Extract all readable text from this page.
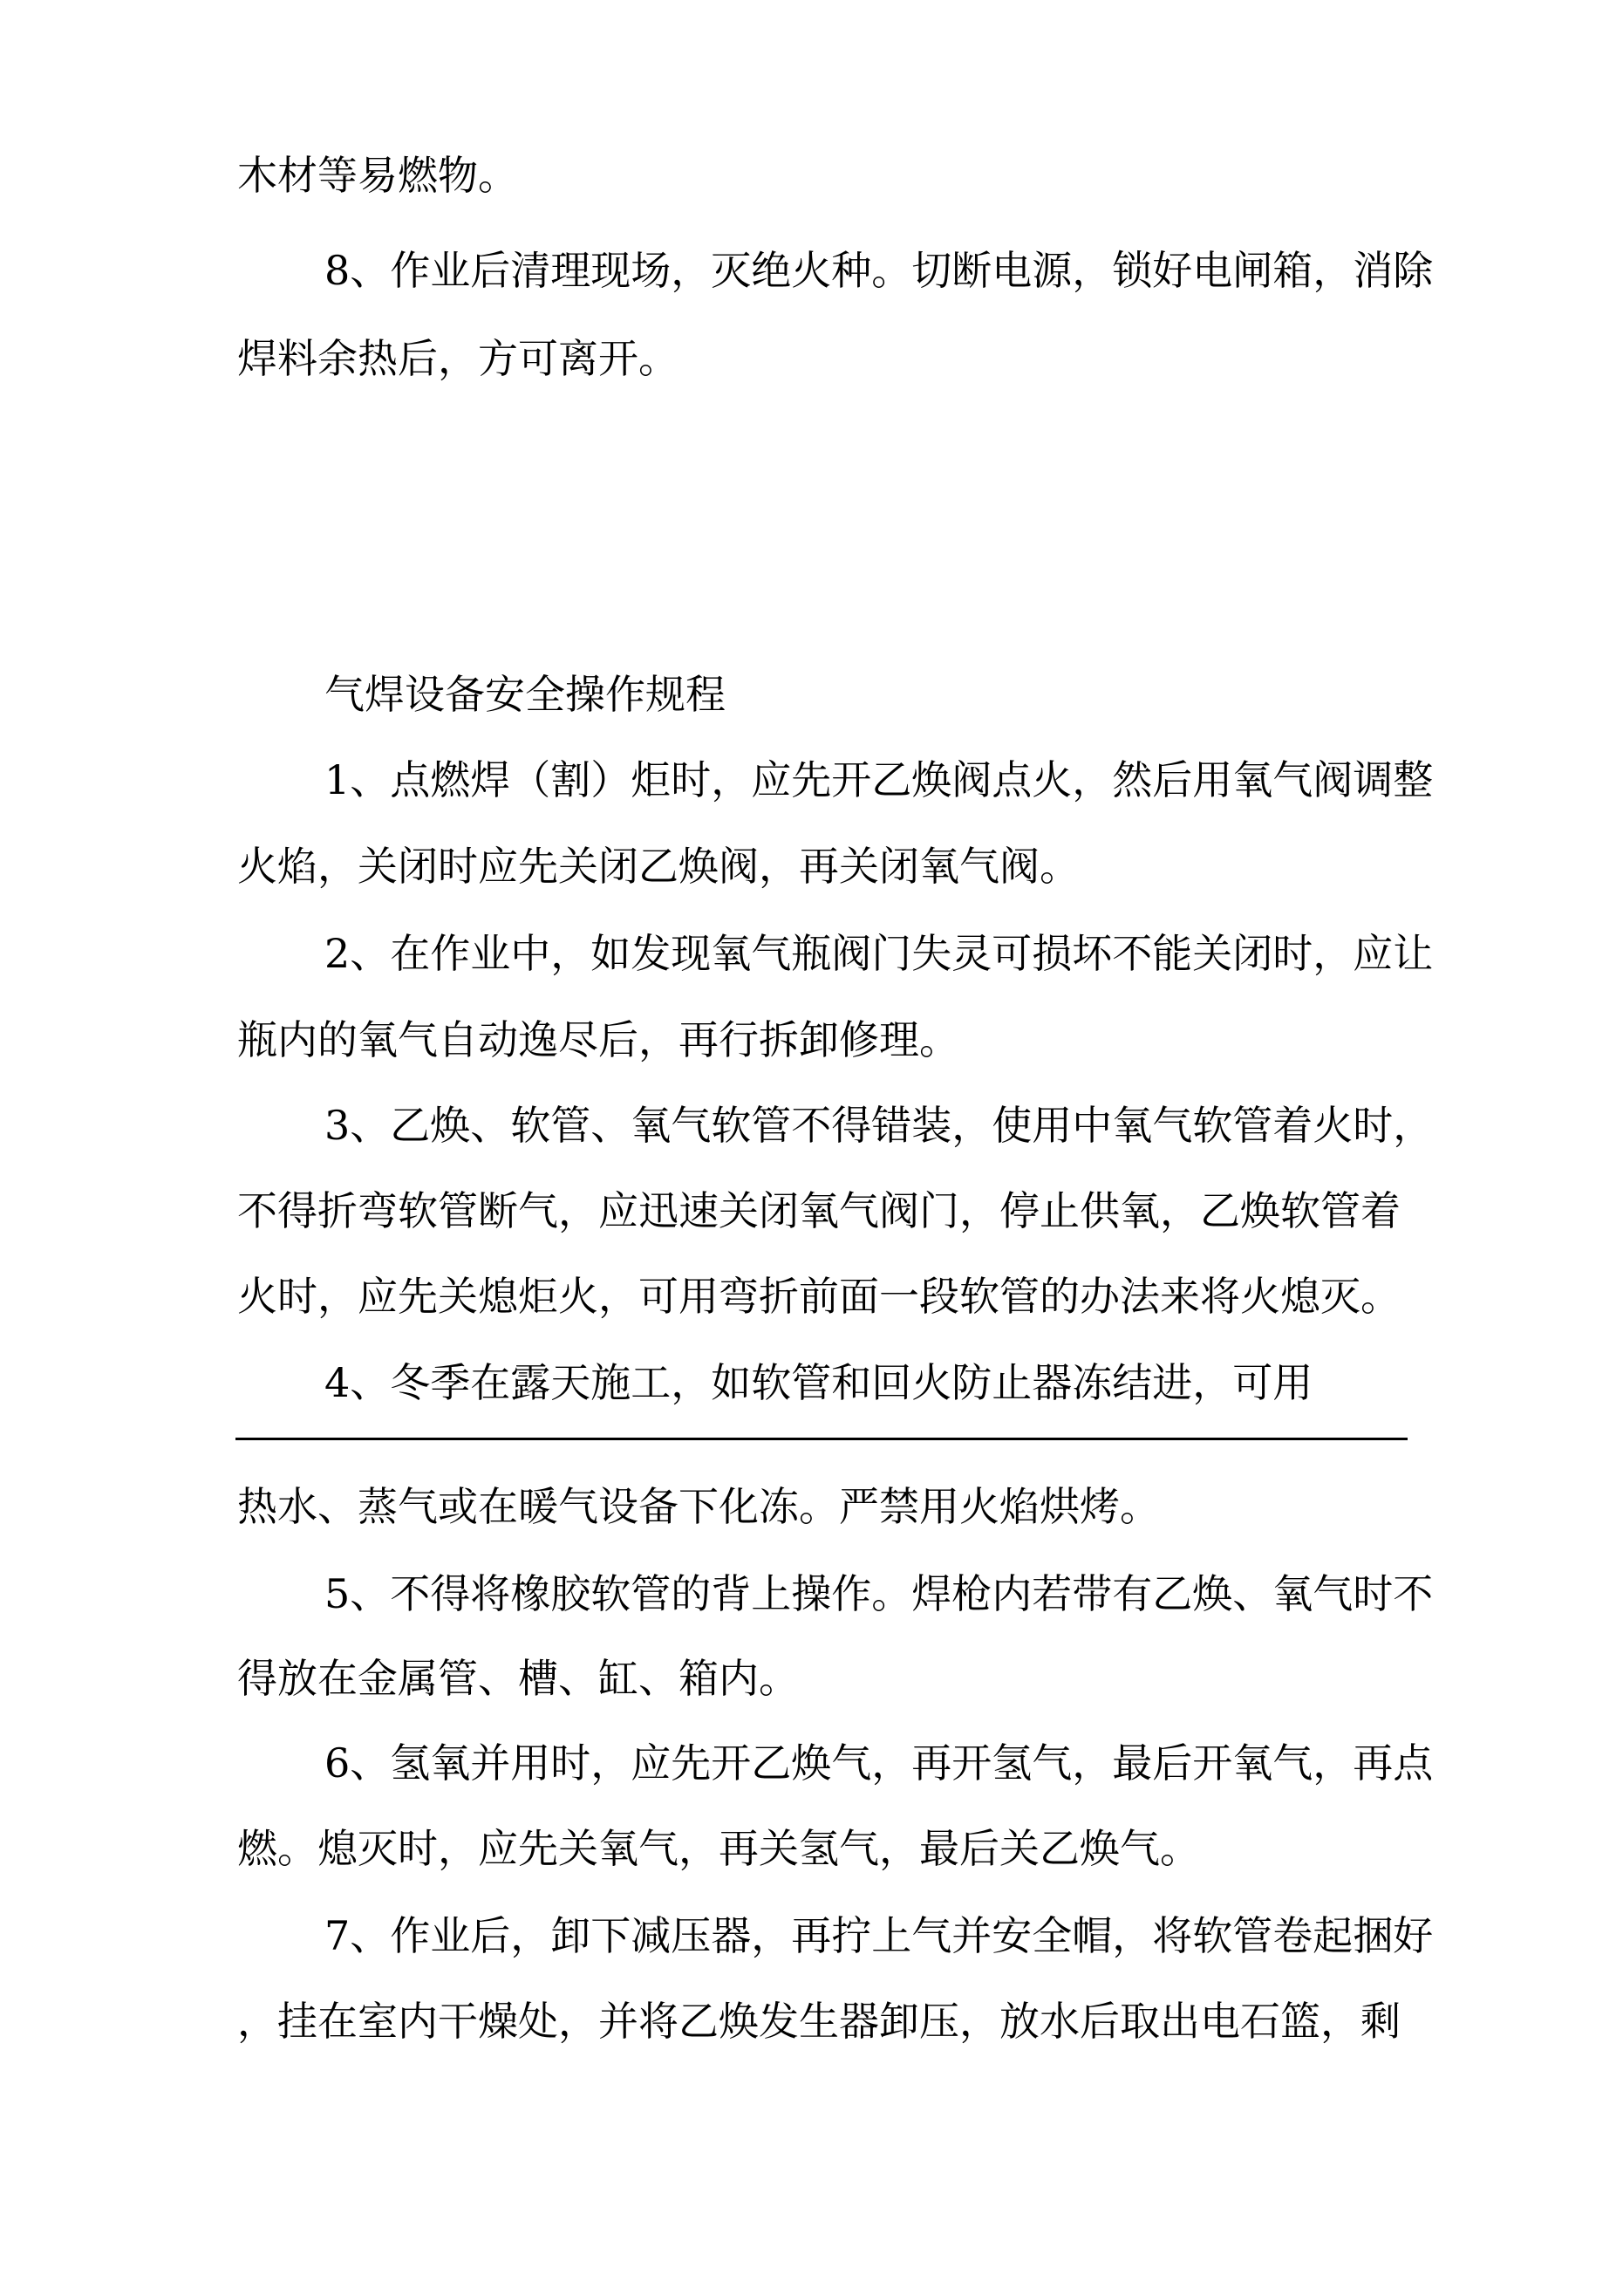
木材等易燃物。
8、作业后清理现场，灭绝火种。切断电源，锁好电闸箱，消除
焊料余热后，方可离开。
气焊设备安全操作规程
1、点燃焊（割）炬时，应先开乙焕阀点火，然后用氧气阀调整
火焰，关闭时应先关闭乙焕阀，再关闭氧气阀。
2、在作业中，如发现氧气瓶阀门失灵可损坏不能关闭时，应让
瓶内的氧气自动逸尽后，再行拆卸修理。
3、乙焕、软管、氧气软管不得错装，使用中氧气软管着火时，
不得折弯软管断气，应迅速关闭氧气阀门，停止供氧，乙焕软管着
火时，应先关熄炬火，可用弯折前面一段软管的办法来将火熄灭。
4、冬季在露天施工，如软管和回火防止器冻结进，可用
热水、蒸气或在暖气设备下化冻。严禁用火焰烘烤。
5、不得将橡胶软管的背上操作。焊枪内若带有乙焕、氧气时不
得放在金属管、槽、缸、箱内。
6、氢氧并用时，应先开乙焕气，再开氢气，最后开氧气，再点
燃。熄灭时，应先关氧气，再关氢气，最后关乙焕气。
7、作业后，卸下减压器，再拧上气并安全帽，将软管卷起捆好
，挂在室内干燥处，并将乙焕发生器卸压，放水后取出电石篮，剩
